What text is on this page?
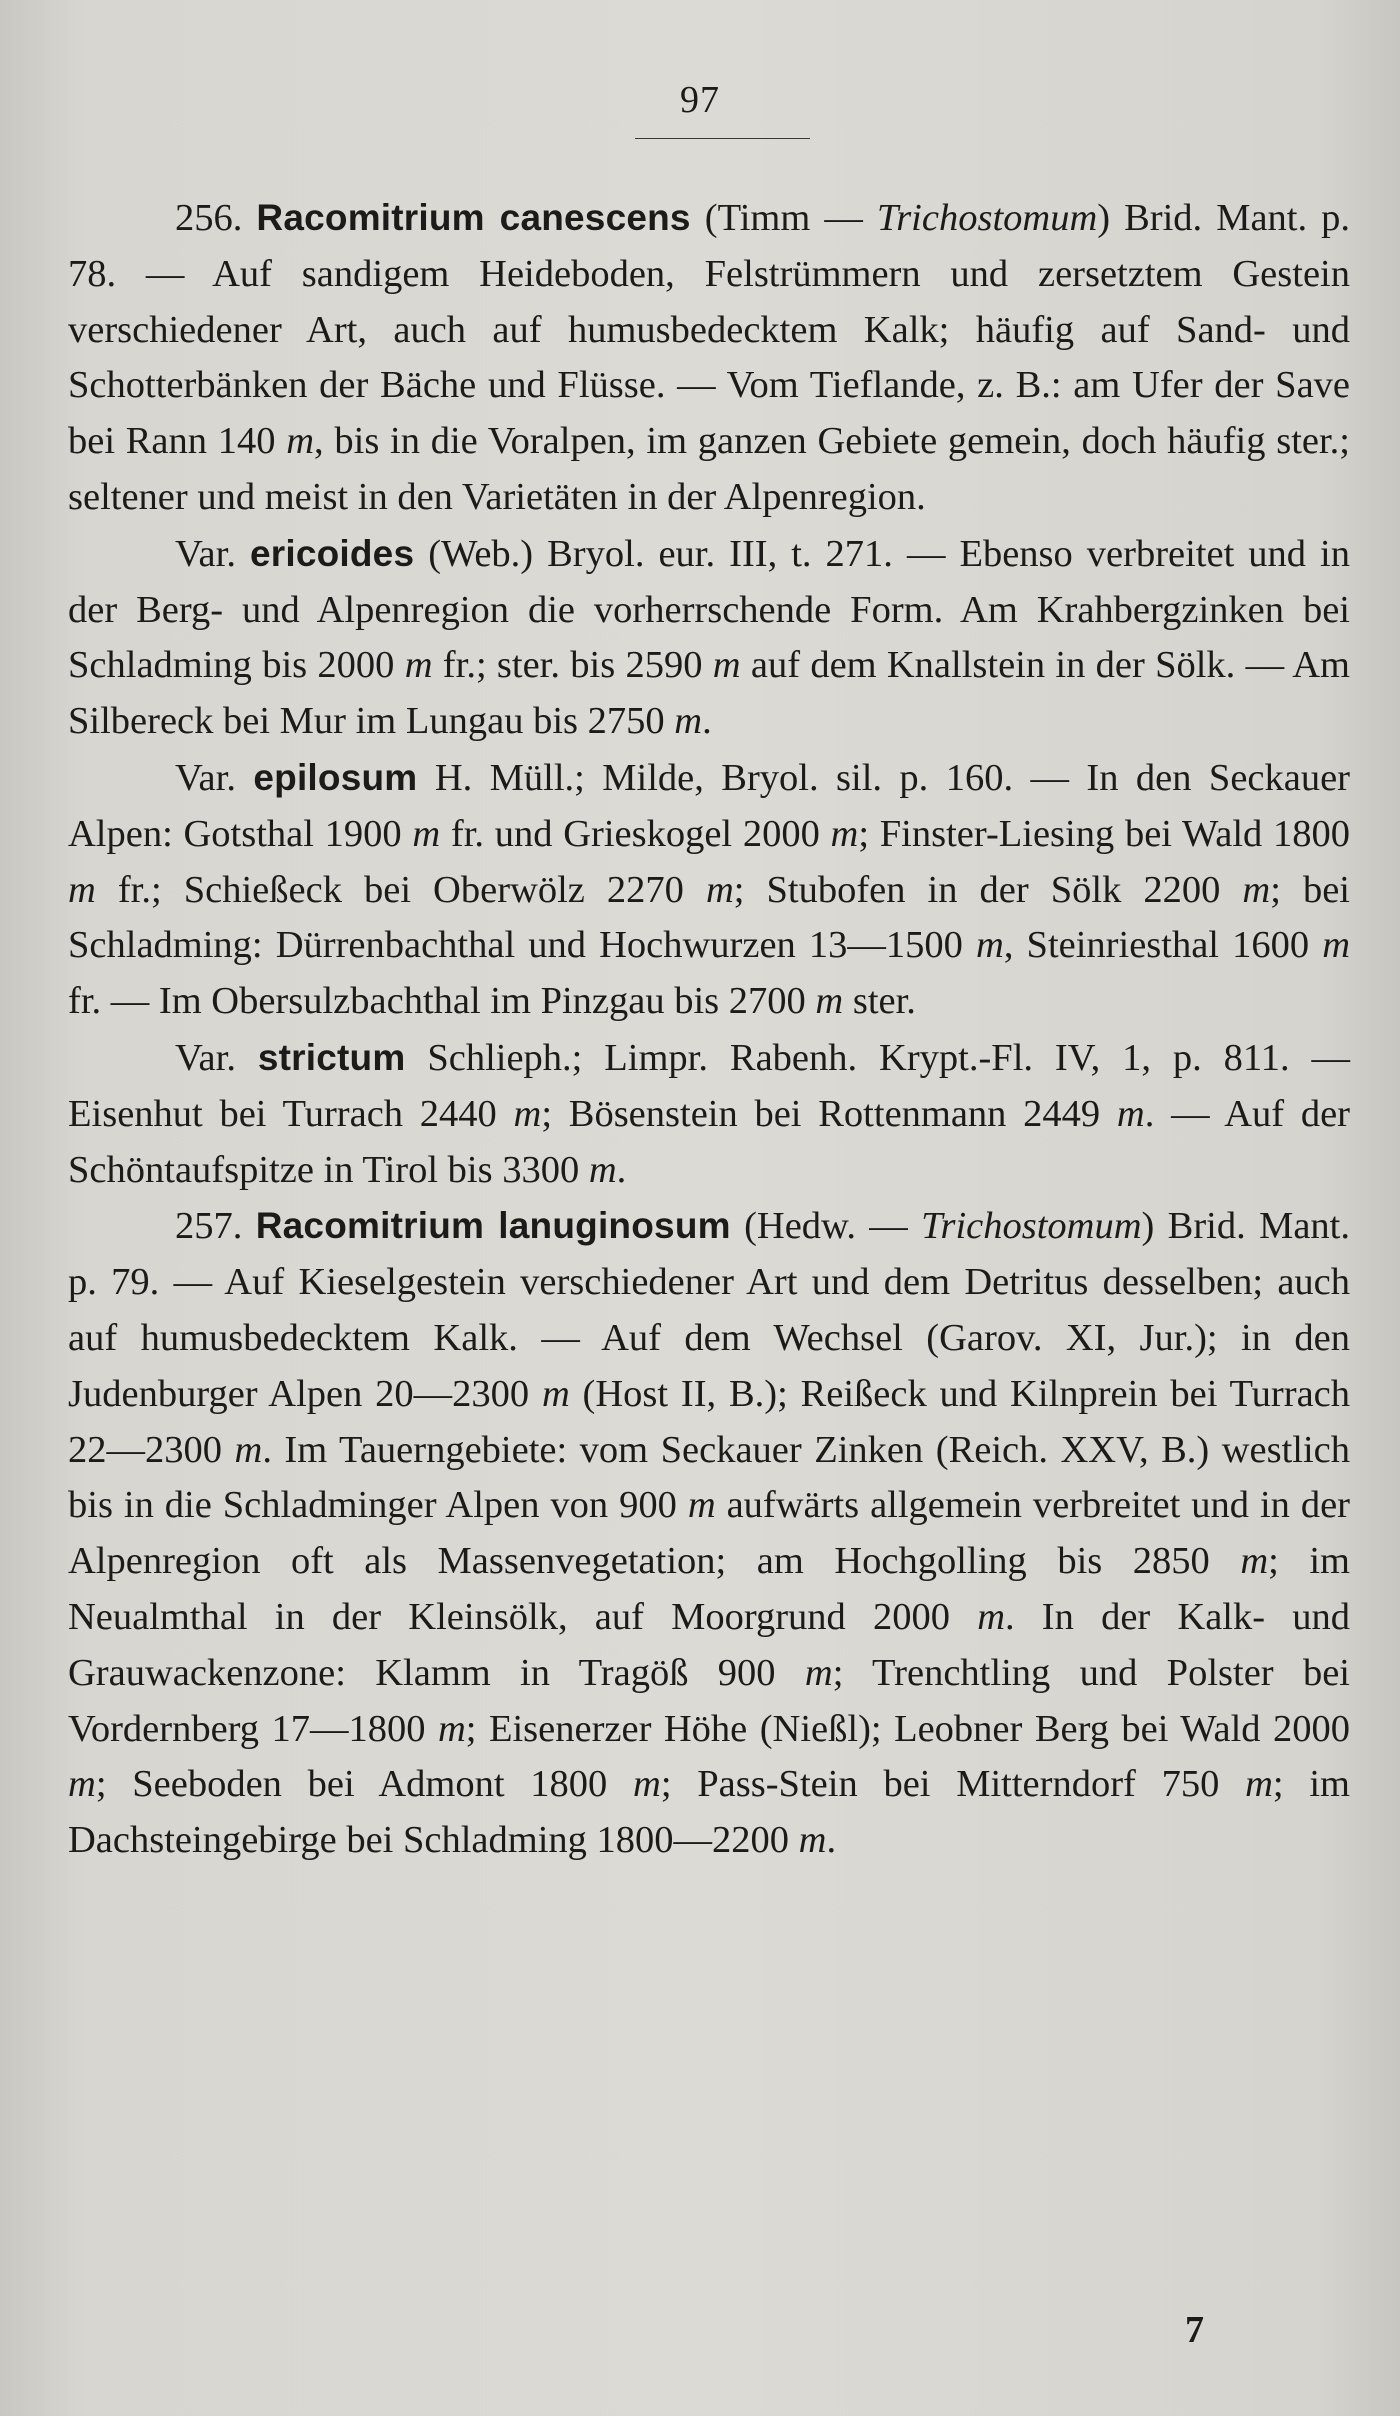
97

256. Racomitrium canescens (Timm — Trichostomum) Brid. Mant. p. 78. — Auf sandigem Heideboden, Felstrümmern und zersetztem Gestein verschiedener Art, auch auf humusbedecktem Kalk; häufig auf Sand- und Schotterbänken der Bäche und Flüsse. — Vom Tieflande, z. B.: am Ufer der Save bei Rann 140 m, bis in die Voralpen, im ganzen Gebiete gemein, doch häufig ster.; seltener und meist in den Varietäten in der Alpenregion.

Var. ericoides (Web.) Bryol. eur. III, t. 271. — Ebenso verbreitet und in der Berg- und Alpenregion die vorherrschende Form. Am Krahbergzinken bei Schladming bis 2000 m fr.; ster. bis 2590 m auf dem Knallstein in der Sölk. — Am Silbereck bei Mur im Lungau bis 2750 m.

Var. epilosum H. Müll.; Milde, Bryol. sil. p. 160. — In den Seckauer Alpen: Gotsthal 1900 m fr. und Grieskogel 2000 m; Finster-Liesing bei Wald 1800 m fr.; Schießeck bei Oberwölz 2270 m; Stubofen in der Sölk 2200 m; bei Schladming: Dürrenbachthal und Hochwurzen 13—1500 m, Steinriesthal 1600 m fr. — Im Obersulzbachthal im Pinzgau bis 2700 m ster.

Var. strictum Schlieph.; Limpr. Rabenh. Krypt.-Fl. IV, 1, p. 811. — Eisenhut bei Turrach 2440 m; Bösenstein bei Rottenmann 2449 m. — Auf der Schöntaufspitze in Tirol bis 3300 m.

257. Racomitrium lanuginosum (Hedw. — Trichostomum) Brid. Mant. p. 79. — Auf Kieselgestein verschiedener Art und dem Detritus desselben; auch auf humusbedecktem Kalk. — Auf dem Wechsel (Garov. XI, Jur.); in den Judenburger Alpen 20—2300 m (Host II, B.); Reißeck und Kilnprein bei Turrach 22—2300 m. Im Tauerngebiete: vom Seckauer Zinken (Reich. XXV, B.) westlich bis in die Schladminger Alpen von 900 m aufwärts allgemein verbreitet und in der Alpenregion oft als Massenvegetation; am Hochgolling bis 2850 m; im Neualmthal in der Kleinsölk, auf Moorgrund 2000 m. In der Kalk- und Grauwackenzone: Klamm in Tragöß 900 m; Trenchtling und Polster bei Vordernberg 17—1800 m; Eisenerzer Höhe (Nießl); Leobner Berg bei Wald 2000 m; Seeboden bei Admont 1800 m; Pass-Stein bei Mitterndorf 750 m; im Dachsteingebirge bei Schladming 1800—2200 m.

7
